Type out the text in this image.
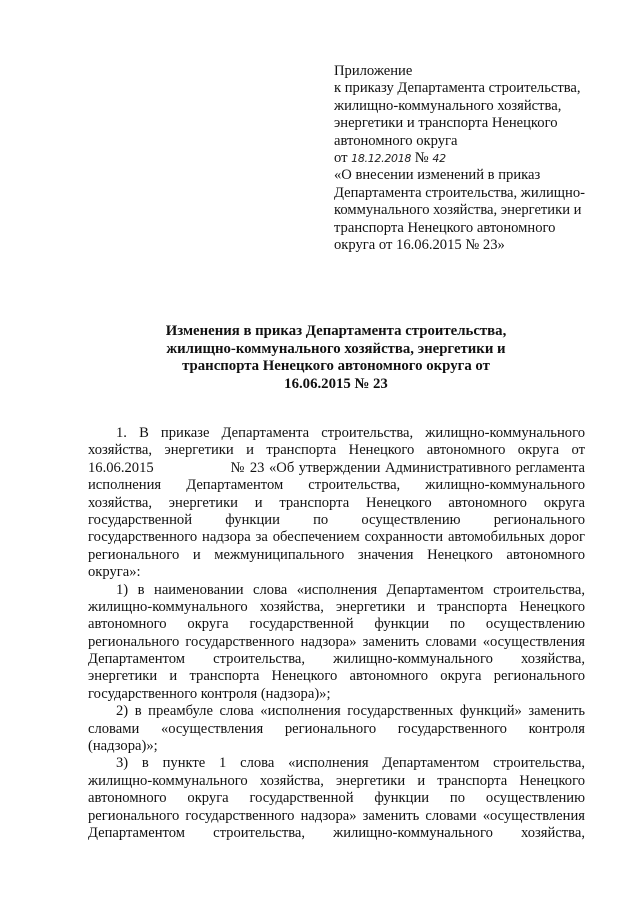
Приложение
к приказу Департамента строительства,
жилищно-коммунального хозяйства,
энергетики и транспорта Ненецкого
автономного округа
от 18.12.2018 № 42
«О внесении изменений в приказ
Департамента строительства, жилищно-
коммунального хозяйства, энергетики и
транспорта Ненецкого автономного
округа от 16.06.2015 № 23»
Изменения в приказ Департамента строительства,
жилищно-коммунального хозяйства, энергетики и
транспорта Ненецкого автономного округа от
16.06.2015 № 23
1. В приказе Департамента строительства, жилищно-коммунального
хозяйства, энергетики и транспорта Ненецкого автономного округа от
16.06.2015	№ 23 «Об утверждении Административного регламента
исполнения Департаментом строительства, жилищно-коммунального
хозяйства, энергетики и транспорта Ненецкого автономного округа
государственной функции по осуществлению регионального
государственного надзора за обеспечением сохранности автомобильных дорог
регионального и межмуниципального значения Ненецкого автономного
округа»:
1) в наименовании слова «исполнения Департаментом строительства,
жилищно-коммунального хозяйства, энергетики и транспорта Ненецкого
автономного округа государственной функции по осуществлению
регионального государственного надзора» заменить словами «осуществления
Департаментом строительства, жилищно-коммунального хозяйства,
энергетики и транспорта Ненецкого автономного округа регионального
государственного контроля (надзора)»;
2) в преамбуле слова «исполнения государственных функций» заменить
словами «осуществления регионального государственного контроля
(надзора)»;
3) в пункте 1 слова «исполнения Департаментом строительства,
жилищно-коммунального хозяйства, энергетики и транспорта Ненецкого
автономного округа государственной функции по осуществлению
регионального государственного надзора» заменить словами «осуществления
Департаментом строительства, жилищно-коммунального хозяйства,
